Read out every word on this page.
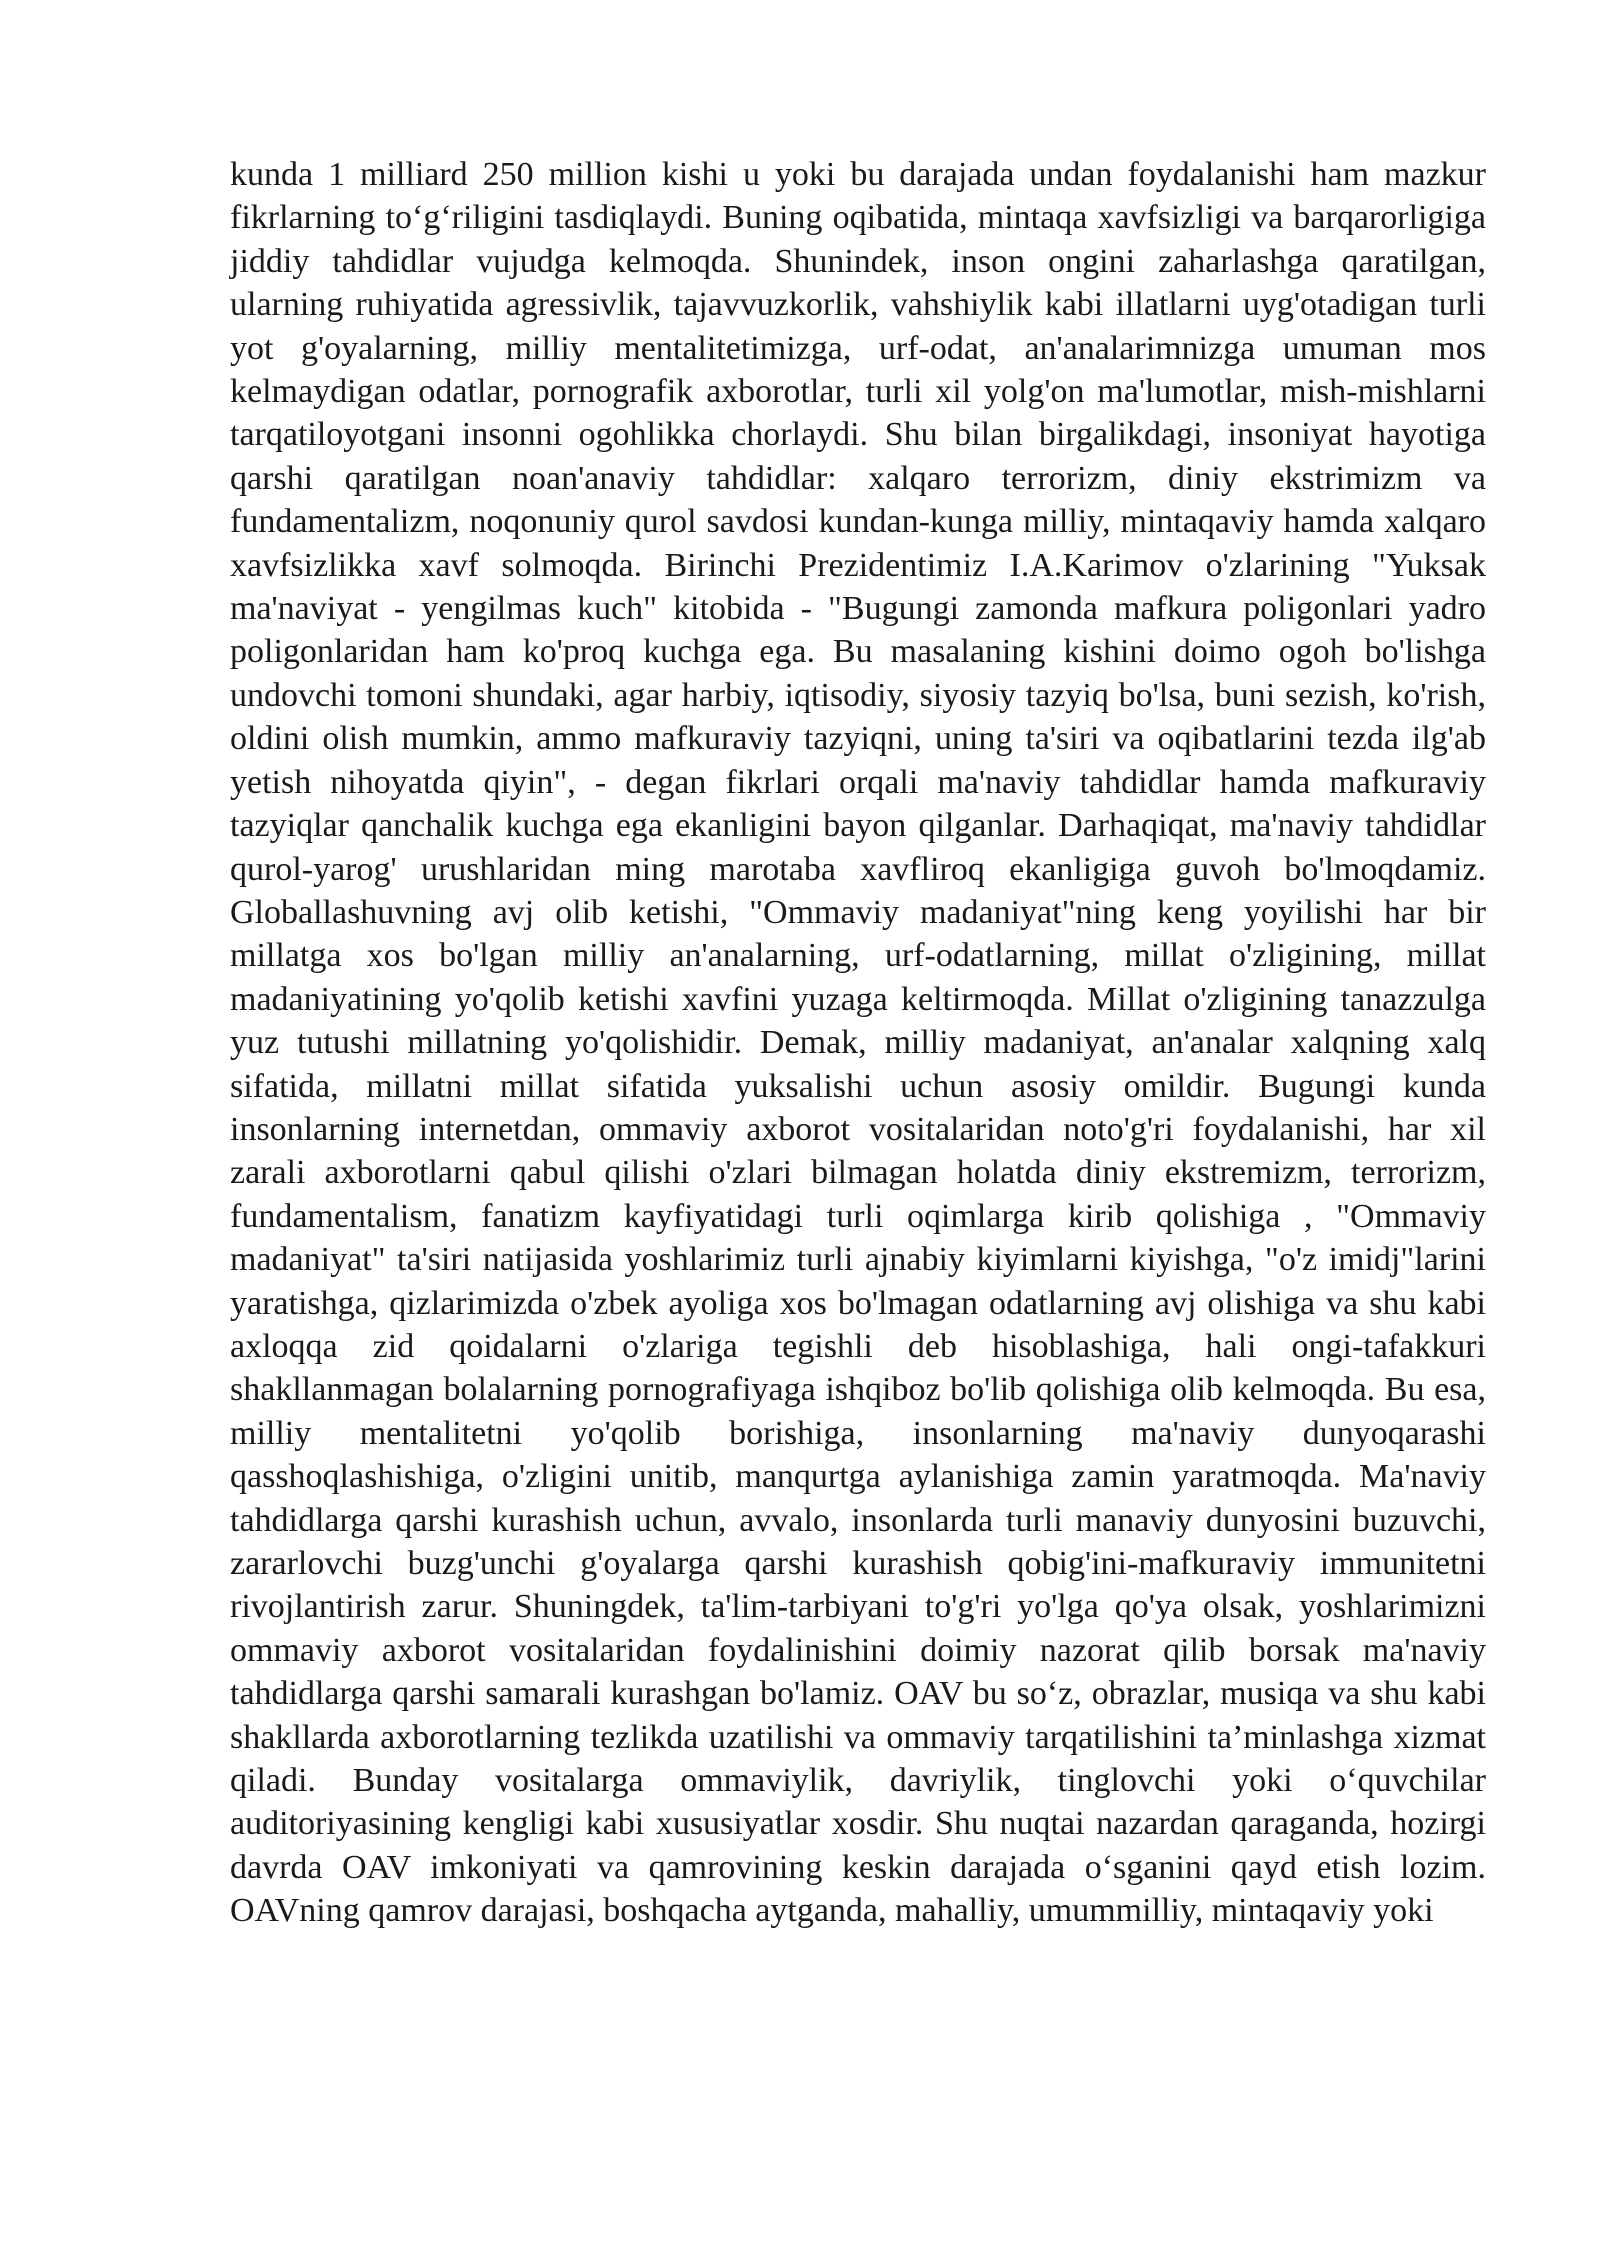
kunda 1 milliard 250 million kishi u yoki bu darajada undan foydalanishi ham mazkur fikrlarning to‘g‘riligini tasdiqlaydi. Buning oqibatida, mintaqa xavfsizligi va barqarorligiga jiddiy tahdidlar vujudga kelmoqda. Shunindek, inson ongini zaharlashga qaratilgan, ularning ruhiyatida agressivlik, tajavvuzkorlik, vahshiylik kabi illatlarni uyg'otadigan turli yot g'oyalarning, milliy mentalitetimizga, urf-odat, an'analarimnizga umuman mos kelmaydigan odatlar, pornografik axborotlar, turli xil yolg'on ma'lumotlar, mish-mishlarni tarqatiloyotgani insonni ogohlikka chorlaydi. Shu bilan birgalikdagi, insoniyat hayotiga qarshi qaratilgan noan'anaviy tahdidlar: xalqaro terrorizm, diniy ekstrimizm va fundamentalizm, noqonuniy qurol savdosi kundan-kunga milliy, mintaqaviy hamda xalqaro xavfsizlikka xavf solmoqda. Birinchi Prezidentimiz I.A.Karimov o'zlarining "Yuksak ma'naviyat - yengilmas kuch" kitobida - "Bugungi zamonda mafkura poligonlari yadro poligonlaridan ham ko'proq kuchga ega. Bu masalaning kishini doimo ogoh bo'lishga undovchi tomoni shundaki, agar harbiy, iqtisodiy, siyosiy tazyiq bo'lsa, buni sezish, ko'rish, oldini olish mumkin, ammo mafkuraviy tazyiqni, uning ta'siri va oqibatlarini tezda ilg'ab yetish nihoyatda qiyin", - degan fikrlari orqali ma'naviy tahdidlar hamda mafkuraviy tazyiqlar qanchalik kuchga ega ekanligini bayon qilganlar. Darhaqiqat, ma'naviy tahdidlar qurol-yarog' urushlaridan ming marotaba xavfliroq ekanligiga guvoh bo'lmoqdamiz. Globallashuvning avj olib ketishi, "Ommaviy madaniyat"ning keng yoyilishi har bir millatga xos bo'lgan milliy an'analarning, urf-odatlarning, millat o'zligining, millat madaniyatining yo'qolib ketishi xavfini yuzaga keltirmoqda. Millat o'zligining tanazzulga yuz tutushi millatning yo'qolishidir. Demak, milliy madaniyat, an'analar xalqning xalq sifatida, millatni millat sifatida yuksalishi uchun asosiy omildir. Bugungi kunda insonlarning internetdan, ommaviy axborot vositalaridan noto'g'ri foydalanishi, har xil zarali axborotlarni qabul qilishi o'zlari bilmagan holatda diniy ekstremizm, terrorizm, fundamentalism, fanatizm kayfiyatidagi turli oqimlarga kirib qolishiga , "Ommaviy madaniyat" ta'siri natijasida yoshlarimiz turli ajnabiy kiyimlarni kiyishga, "o'z imidj"larini yaratishga, qizlarimizda o'zbek ayoliga xos bo'lmagan odatlarning avj olishiga va shu kabi axloqqa zid qoidalarni o'zlariga tegishli deb hisoblashiga, hali ongi-tafakkuri shakllanmagan bolalarning pornografiyaga ishqiboz bo'lib qolishiga olib kelmoqda. Bu esa, milliy mentalitetni yo'qolib borishiga, insonlarning ma'naviy dunyoqarashi qasshoqlashishiga, o'zligini unitib, manqurtga aylanishiga zamin yaratmoqda. Ma'naviy tahdidlarga qarshi kurashish uchun, avvalo, insonlarda turli manaviy dunyosini buzuvchi, zararlovchi buzg'unchi g'oyalarga qarshi kurashish qobig'ini-mafkuraviy immunitetni rivojlantirish zarur. Shuningdek, ta'lim-tarbiyani to'g'ri yo'lga qo'ya olsak, yoshlarimizni ommaviy axborot vositalaridan foydalinishini doimiy nazorat qilib borsak ma'naviy tahdidlarga qarshi samarali kurashgan bo'lamiz. OAV bu so‘z, obrazlar, musiqa va shu kabi shakllarda axborotlarning tezlikda uzatilishi va ommaviy tarqatilishini ta’minlashga xizmat qiladi. Bunday vositalarga ommaviylik, davriylik, tinglovchi yoki o‘quvchilar auditoriyasining kengligi kabi xususiyatlar xosdir. Shu nuqtai nazardan qaraganda, hozirgi davrda OAV imkoniyati va qamrovining keskin darajada o‘sganini qayd etish lozim. OAVning qamrov darajasi, boshqacha aytganda, mahalliy, umummilliy, mintaqaviy yoki
